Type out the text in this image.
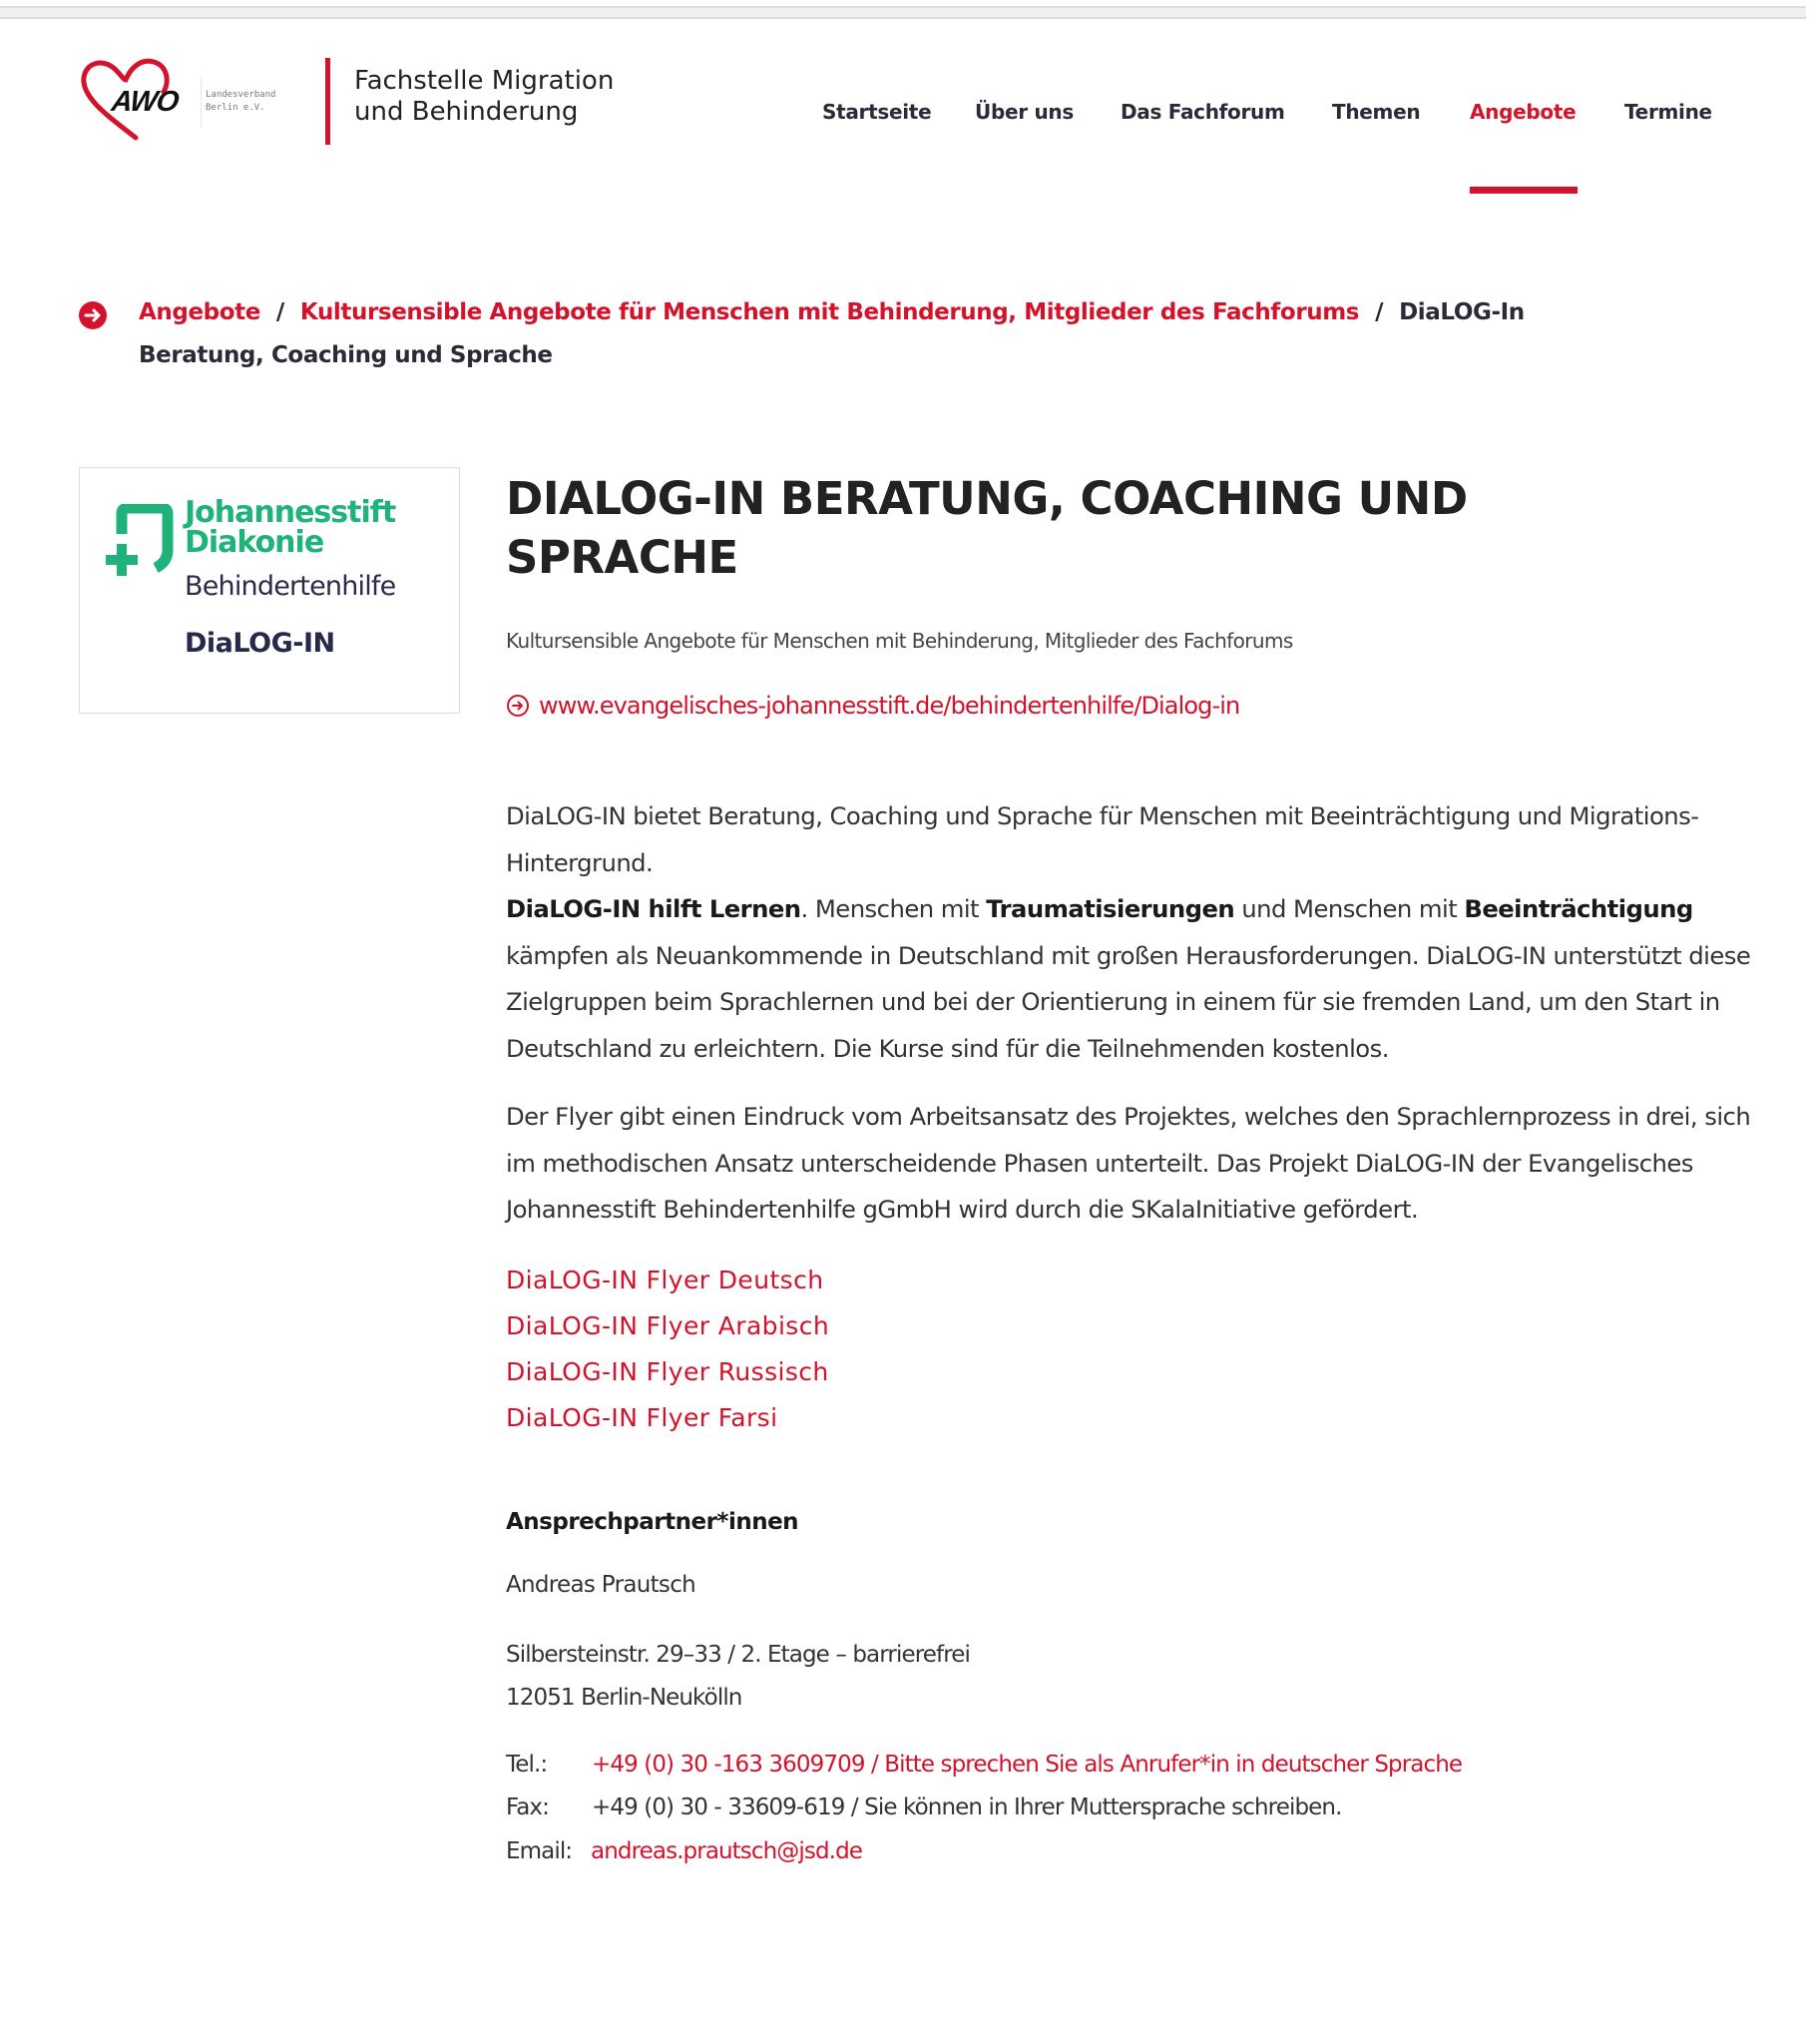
AWO	Landesverband
Berlin e.V.
Fachstelle Migration
und Behinderung	Startseite Über uns Das Fachforum Themen Angebote Termine
Angebote / Kultursensible Angebote für Menschen mit Behinderung, Mitglieder des Fachforums / DiaLOG-In Beratung, Coaching und Sprache
Johannesstift
Diakonie
Behindertenhilfe
DiaLOG-IN
DIALOG-IN BERATUNG, COACHING UND
SPRACHE
Kultursensible Angebote für Menschen mit Behinderung, Mitglieder des Fachforums
www.evangelisches-johannesstift.de/behindertenhilfe/Dialog-in

DiaLOG-IN bietet Beratung, Coaching und Sprache für Menschen mit Beeinträchtigung und Migrations-Hintergrund.
DiaLOG-IN hilft Lernen. Menschen mit Traumatisierungen und Menschen mit Beeinträchtigung kämpfen als Neuankommende in Deutschland mit großen Herausforderungen. DiaLOG-IN unterstützt diese Zielgruppen beim Sprachlernen und bei der Orientierung in einem für sie fremden Land, um den Start in Deutschland zu erleichtern. Die Kurse sind für die Teilnehmenden kostenlos.

Der Flyer gibt einen Eindruck vom Arbeitsansatz des Projektes, welches den Sprachlernprozess in drei, sich im methodischen Ansatz unterscheidende Phasen unterteilt. Das Projekt DiaLOG-IN der Evangelisches Johannesstift Behindertenhilfe gGmbH wird durch die SKalaInitiative gefördert.

DiaLOG-IN Flyer Deutsch
DiaLOG-IN Flyer Arabisch
DiaLOG-IN Flyer Russisch
DiaLOG-IN Flyer Farsi
Ansprechpartner*innen
Andreas Prautsch
Silbersteinstr. 29–33 / 2. Etage – barrierefrei
12051 Berlin-Neukölln
Tel.:	+49 (0) 30 -163 3609709 / Bitte sprechen Sie als Anrufer*in in deutscher Sprache
Fax:	+49 (0) 30 - 33609-619 / Sie können in Ihrer Muttersprache schreiben.
Email: andreas.prautsch@jsd.de
